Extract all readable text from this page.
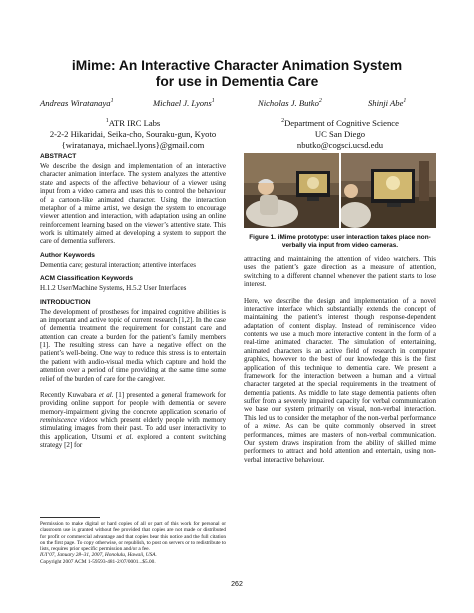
iMime: An Interactive Character Animation System
for use in Dementia Care
Andreas Wiratanaya$^1$	Michael J. Lyons$^1$	Nicholas J. Butko$^2$	Shinji Abe$^1$
$^1$ATR IRC Labs
2-2-2 Hikaridai, Seika-cho, Souraku-gun, Kyoto
{wiratanaya, michael.lyons}@gmail.com
$^2$Department of Cognitive Science
UC San Diego
nbutko@cogsci.ucsd.edu
ABSTRACT

We describe the design and implementation of an interactive character animation interface. The system analyzes the attentive state and aspects of the affective behaviour of a viewer using input from a video camera and uses this to control the behaviour of a cartoon-like animated character. Using the interaction metaphor of a mime artist, we design the system to encourage viewer attention and interaction, with adaptation using an online reinforcement learning based on the viewer’s attentive state. This work is ultimately aimed at developing a system to support the care of dementia sufferers.

Author Keywords

Dementia care; gestural interaction; attentive interfaces

ACM Classification Keywords

H.1.2 User/Machine Systems, H.5.2 User Interfaces

INTRODUCTION

The development of prostheses for impaired cognitive abilities is an important and active topic of current research [1,2]. In the case of dementia treatment the requirement for constant care and attention can create a burden for the patient’s family members [1]. The resulting stress can have a negative effect on the patient’s well-being. One way to reduce this stress is to entertain the patient with audio-visual media which capture and hold the attention over a period of time providing at the same time some relief of the burden of care for the caregiver.

Recently Kuwabara et al. [1] presented a general framework for providing online support for people with dementia or severe memory-impairment giving the concrete application scenario of reminiscence videos which present elderly people with memory stimulating images from their past. To add user interactivity to this application, Utsumi et al. explored a content switching strategy [2] for

Permission to make digital or hard copies of all or part of this work for personal or classroom use is granted without fee provided that copies are not made or distributed for profit or commercial advantage and that copies bear this notice and the full citation on the first page. To copy otherwise, or republish, to post on servers or to redistribute to lists, requires prior specific permission and/or a fee.
IUI’07, January 28–31, 2007, Honolulu, Hawaii, USA.
Copyright 2007 ACM 1-59593-481-2/07/0001...$5.00.
Figure 1. iMime prototype: user interaction takes place non-verbally via input from video cameras.

attracting and maintaining the attention of video watchers. This uses the patient’s gaze direction as a measure of attention, switching to a different channel whenever the patient starts to lose interest.

Here, we describe the design and implementation of a novel interactive interface which substantially extends the concept of maintaining the patient’s interest though response-dependent adaptation of content display. Instead of reminiscence video contents we use a much more interactive content in the form of a real-time animated character. The simulation of entertaining, animated characters is an active field of research in computer graphics, however to the best of our knowledge this is the first application of this technique to dementia care. We present a framework for the interaction between a human and a virtual character targeted at the special requirements in the treatment of dementia patients. As middle to late stage dementia patients often suffer from a severely impaired capacity for verbal communication we base our system primarily on visual, non-verbal interaction. This led us to consider the metaphor of the non-verbal performance of a mime. As can be quite commonly observed in street performances, mimes are masters of non-verbal communication. Our system draws inspiration from the ability of skilled mime performers to attract and hold attention and entertain, using non-verbal interactive behaviour.

262
